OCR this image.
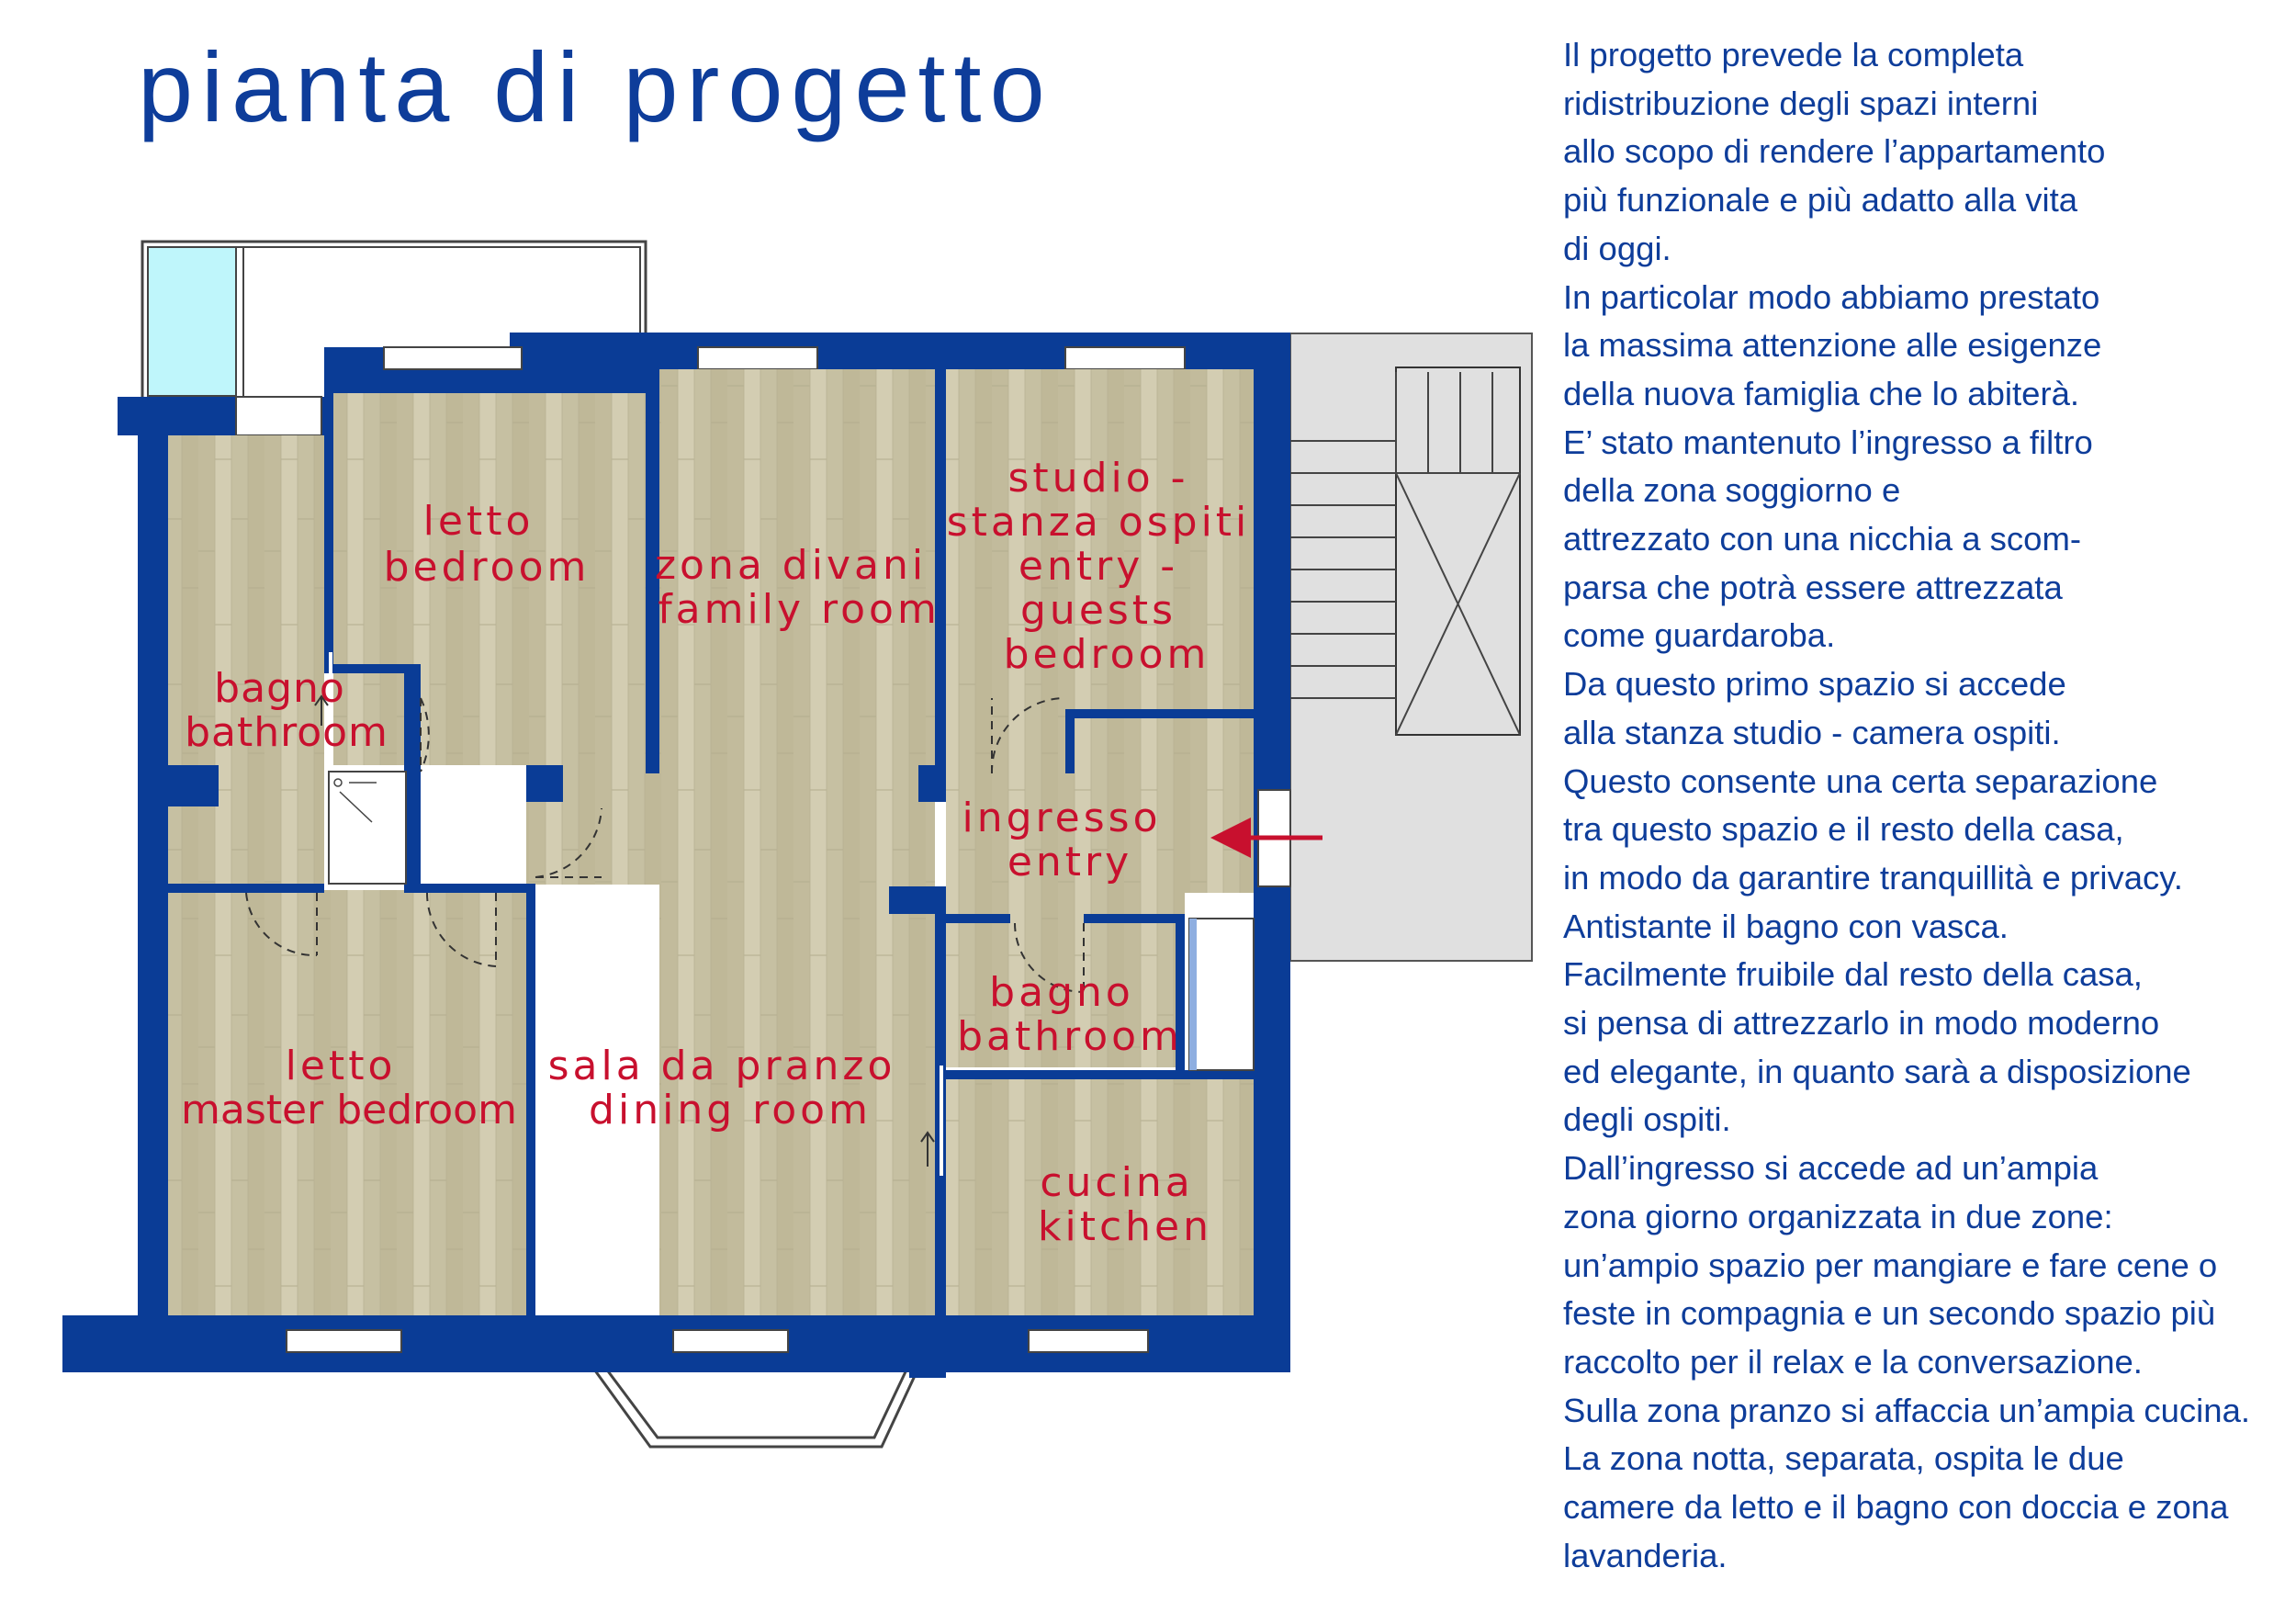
pianta di progetto
letto bedroom zona divani family room
studio - stanza ospiti entry - guests bedroom
bagno bathroom
ingresso entry
bagno bathroom
letto master bedroom
sala da pranzo dining room
cucina kitchen
Il progetto prevede la completa
ridistribuzione degli spazi interni
allo scopo di rendere l’appartamento
più funzionale e più adatto alla vita
di oggi.
In particolar modo abbiamo prestato
la massima attenzione alle esigenze
della nuova famiglia che lo abiterà.
E’ stato mantenuto l’ingresso a filtro
della zona soggiorno e
attrezzato con una nicchia a scom-
parsa che potrà essere attrezzata
come guardaroba.
Da questo primo spazio si accede
alla stanza studio - camera ospiti.
Questo consente una certa separazione
tra questo spazio e il resto della casa,
in modo da garantire tranquillità e privacy.
Antistante il bagno con vasca.
Facilmente fruibile dal resto della casa,
si pensa di attrezzarlo in modo moderno
ed elegante, in quanto sarà a disposizione
degli ospiti.
Dall’ingresso si accede ad un’ampia
zona giorno organizzata in due zone:
un’ampio spazio per mangiare e fare cene o
feste in compagnia e un secondo spazio più
raccolto per il relax e la conversazione.
Sulla zona pranzo si affaccia un’ampia cucina.
La zona notta, separata, ospita le due
camere da letto e il bagno con doccia e zona
lavanderia.
